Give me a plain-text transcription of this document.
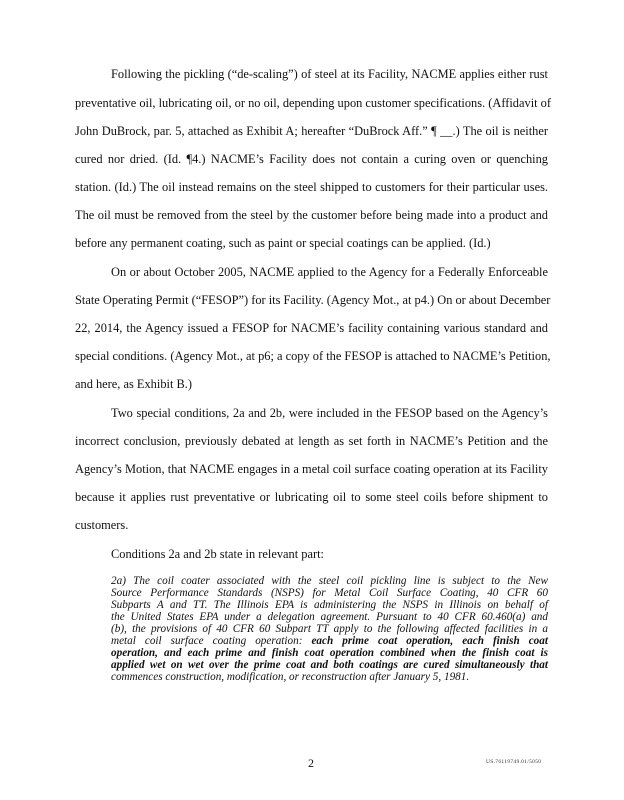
Following the pickling (“de-scaling”) of steel at its Facility, NACME applies either rust
preventative oil, lubricating oil, or no oil, depending upon customer specifications. (Affidavit of
John DuBrock, par. 5, attached as Exhibit A; hereafter “DuBrock Aff.” ¶ __.) The oil is neither
cured nor dried. (Id. ¶4.) NACME’s Facility does not contain a curing oven or quenching
station. (Id.) The oil instead remains on the steel shipped to customers for their particular uses.
The oil must be removed from the steel by the customer before being made into a product and
before any permanent coating, such as paint or special coatings can be applied. (Id.)
On or about October 2005, NACME applied to the Agency for a Federally Enforceable
State Operating Permit (“FESOP”) for its Facility. (Agency Mot., at p4.) On or about December
22, 2014, the Agency issued a FESOP for NACME’s facility containing various standard and
special conditions. (Agency Mot., at p6; a copy of the FESOP is attached to NACME’s Petition,
and here, as Exhibit B.)
Two special conditions, 2a and 2b, were included in the FESOP based on the Agency’s
incorrect conclusion, previously debated at length as set forth in NACME’s Petition and the
Agency’s Motion, that NACME engages in a metal coil surface coating operation at its Facility
because it applies rust preventative or lubricating oil to some steel coils before shipment to
customers.
Conditions 2a and 2b state in relevant part:
2a) The coil coater associated with the steel coil pickling line is subject to the New
Source Performance Standards (NSPS) for Metal Coil Surface Coating, 40 CFR 60
Subparts A and TT. The Illinois EPA is administering the NSPS in Illinois on behalf of
the United States EPA under a delegation agreement. Pursuant to 40 CFR 60.460(a) and
(b), the provisions of 40 CFR 60 Subpart TT apply to the following affected facilities in a
metal coil surface coating operation: each prime coat operation, each finish coat
operation, and each prime and finish coat operation combined when the finish coat is
applied wet on wet over the prime coat and both coatings are cured simultaneously that
commences construction, modification, or reconstruction after January 5, 1981.
2	US.76119749.01/5050
